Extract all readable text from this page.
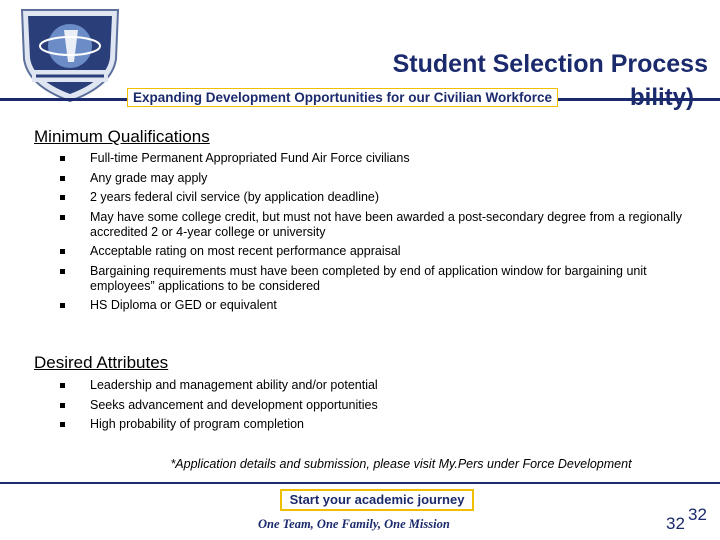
Student Selection Process
bility)
Expanding Development Opportunities for our Civilian Workforce
Minimum Qualifications
Full-time Permanent Appropriated Fund Air Force civilians
Any grade may apply
2 years federal civil service (by application deadline)
May have some college credit, but must not have been awarded a post-secondary degree from a regionally accredited 2 or 4-year college or university
Acceptable rating on most recent performance appraisal
Bargaining requirements must have been completed by end of application window for bargaining unit employees” applications to be considered
HS Diploma or GED or equivalent
Desired Attributes
Leadership and management ability and/or potential
Seeks advancement and development opportunities
High probability of program completion
*Application details and submission, please visit My.Pers under Force Development
Start your academic journey
One Team, One Family, One Mission	32 32
